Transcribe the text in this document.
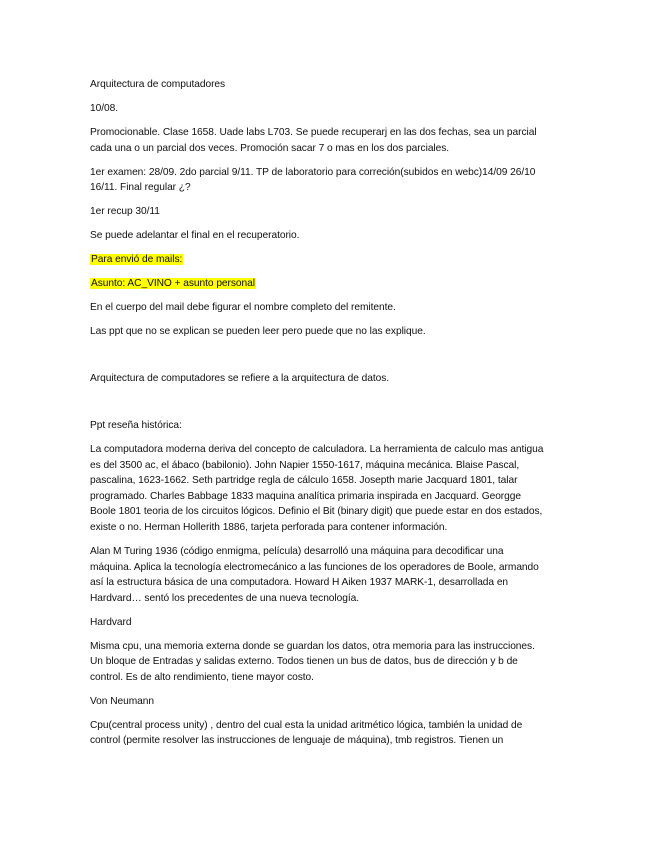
Arquitectura de computadores

10/08.

Promocionable. Clase 1658. Uade labs L703. Se puede recuperarj en las dos fechas, sea un parcial cada una o un parcial dos veces. Promoción sacar 7 o mas en los dos parciales.

1er examen: 28/09. 2do parcial 9/11. TP de laboratorio para correción(subidos en webc)14/09 26/10 16/11. Final regular ¿?

1er recup 30/11

Se puede adelantar el final en el recuperatorio.

Para envió de mails:

Asunto: AC_VINO + asunto personal

En el cuerpo del mail debe figurar el nombre completo del remitente.

Las ppt que no se explican se pueden leer pero puede que no las explique.

Arquitectura de computadores se refiere a la arquitectura de datos.

Ppt reseña histórica:

La computadora moderna deriva del concepto de calculadora. La herramienta de calculo mas antigua es del 3500 ac, el ábaco (babilonio). John Napier 1550-1617, máquina mecánica. Blaise Pascal, pascalina, 1623-1662. Seth partridge regla de cálculo 1658. Josepth marie Jacquard 1801, talar programado. Charles Babbage 1833 maquina analítica primaria inspirada en Jacquard. Georgge Boole 1801 teoria de los circuitos lógicos. Definio el Bit (binary digit) que puede estar en dos estados, existe o no. Herman Hollerith 1886, tarjeta perforada para contener información.

Alan M Turing 1936 (código enmigma, película) desarrolló una máquina para decodificar una máquina. Aplica la tecnología electromecánico a las funciones de los operadores de Boole, armando así la estructura básica de una computadora. Howard H Aiken 1937 MARK-1, desarrollada en Hardvard… sentó los precedentes de una nueva tecnología.

Hardvard

Misma cpu, una memoria externa donde se guardan los datos, otra memoria para las instrucciones. Un bloque de Entradas y salidas externo. Todos tienen un bus de datos, bus de dirección y b de control. Es de alto rendimiento, tiene mayor costo.

Von Neumann

Cpu(central process unity) , dentro del cual esta la unidad aritmético lógica, también la unidad de control (permite resolver las instrucciones de lenguaje de máquina), tmb registros. Tienen un
